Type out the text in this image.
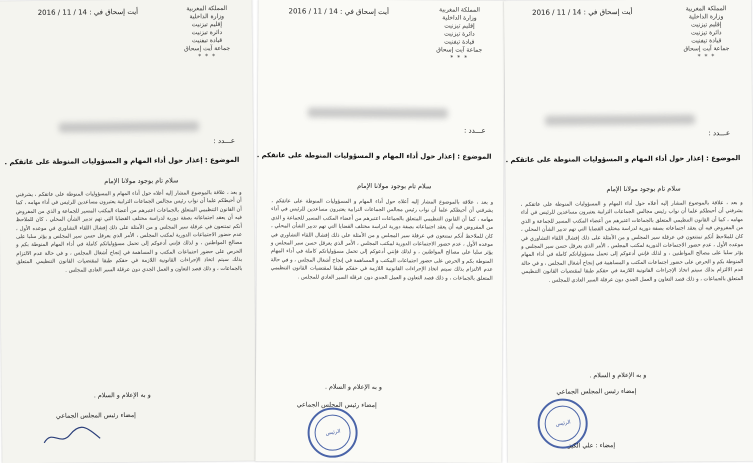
أيت إسحاق في : 14 / 11 / 2016	المملكة المغربية
وزارة الداخلية
إقليم تيزنيت
دائرة تيزنيت
قيادة تيفنيت
جماعة آيت إسحاق
* * *
عـــدد :
الموضوع : إعذار حول أداء المهام و المسؤوليات المنوطة على عاتقكم .
سلام تام بوجود مولانا الإمام
و بعد ، علاقة بالموضوع المشار إليه أعلاه حول أداء المهام و المسؤوليات المنوطة على عاتقكم ، يشرفني أن أحيطكم علما أن نواب رئيس مجالس الجماعات الترابية يعتبرون مساعدين للرئيس في أداء مهامه ، كما أن القانون التنظيمي المتعلق بالجماعات اعتبرهم من أعضاء المكتب المسير للجماعة و الذي من المفروض فيه أن يعقد اجتماعاته بصفة دورية لدراسة مختلف القضايا التي تهم تدبير الشأن المحلي ، كان للملاحظ أنكم تمتنعون في عرقلة سير المجلس و من الأمثلة على ذلك إفشال اللقاء التشاوري في موعده الأول ، عدم حضور الاجتماعات الدورية لمكتب المجلس ، الأمر الذي يعرقل حسن سير المجلس و يؤثر سلبا على مصالح المواطنين ، و لذلك فإنني أدعوكم إلى تحمل مسؤولياتكم كاملة في أداء المهام المنوطة بكم و الحرص على حضور اجتماعات المكتب و المساهمة في إنجاح أشغال المجلس ، و في حالة عدم الالتزام بذلك سيتم اتخاذ الإجراءات القانونية اللازمة في حقكم طبقا لمقتضيات القانون التنظيمي المتعلق بالجماعات ، و ذلك قصد التعاون و العمل الجدي دون عرقلة السير العادي للمجلس .
و به الإعلام و السلام .
إمضاء رئيس المجلس الجماعي
أيت إسحاق في : 14 / 11 / 2016	المملكة المغربية
وزارة الداخلية
إقليم تيزنيت
دائرة تيزنيت
قيادة تيفنيت
جماعة آيت إسحاق
* * *
عـــدد :
الموضوع : إعذار حول أداء المهام و المسؤوليات المنوطة على عاتقكم .
سلام تام بوجود مولانا الإمام
و بعد ، علاقة بالموضوع المشار إليه أعلاه حول أداء المهام و المسؤوليات المنوطة على عاتقكم ، يشرفني أن أحيطكم علما أن نواب رئيس مجالس الجماعات الترابية يعتبرون مساعدين للرئيس في أداء مهامه ، كما أن القانون التنظيمي المتعلق بالجماعات اعتبرهم من أعضاء المكتب المسير للجماعة و الذي من المفروض فيه أن يعقد اجتماعاته بصفة دورية لدراسة مختلف القضايا التي تهم تدبير الشأن المحلي ، كان للملاحظ أنكم تمتنعون في عرقلة سير المجلس و من الأمثلة على ذلك إفشال اللقاء التشاوري في موعده الأول ، عدم حضور الاجتماعات الدورية لمكتب المجلس ، الأمر الذي يعرقل حسن سير المجلس و يؤثر سلبا على مصالح المواطنين ، و لذلك فإنني أدعوكم إلى تحمل مسؤولياتكم كاملة في أداء المهام المنوطة بكم و الحرص على حضور اجتماعات المكتب و المساهمة في إنجاح أشغال المجلس ، و في حالة عدم الالتزام بذلك سيتم اتخاذ الإجراءات القانونية اللازمة في حقكم طبقا لمقتضيات القانون التنظيمي المتعلق بالجماعات ، و ذلك قصد التعاون و العمل الجدي دون عرقلة السير العادي للمجلس .
و به الإعلام و السلام .
إمضاء رئيس المجلس الجماعي
الرئيس
أيت إسحاق في : 14 / 11 / 2016	المملكة المغربية
وزارة الداخلية
إقليم تيزنيت
دائرة تيزنيت
قيادة تيفنيت
جماعة آيت إسحاق
* * *
عـــدد :
الموضوع : إعذار حول أداء المهام و المسؤوليات المنوطة على عاتقكم .
سلام تام بوجود مولانا الإمام
و بعد ، علاقة بالموضوع المشار إليه أعلاه حول أداء المهام و المسؤوليات المنوطة على عاتقكم ، يشرفني أن أحيطكم علما أن نواب رئيس مجالس الجماعات الترابية يعتبرون مساعدين للرئيس في أداء مهامه ، كما أن القانون التنظيمي المتعلق بالجماعات اعتبرهم من أعضاء المكتب المسير للجماعة و الذي من المفروض فيه أن يعقد اجتماعاته بصفة دورية لدراسة مختلف القضايا التي تهم تدبير الشأن المحلي ، كان للملاحظ أنكم تمتنعون في عرقلة سير المجلس و من الأمثلة على ذلك إفشال اللقاء التشاوري في موعده الأول ، عدم حضور الاجتماعات الدورية لمكتب المجلس ، الأمر الذي يعرقل حسن سير المجلس و يؤثر سلبا على مصالح المواطنين ، و لذلك فإنني أدعوكم إلى تحمل مسؤولياتكم كاملة في أداء المهام المنوطة بكم و الحرص على حضور اجتماعات المكتب و المساهمة في إنجاح أشغال المجلس ، و في حالة عدم الالتزام بذلك سيتم اتخاذ الإجراءات القانونية اللازمة في حقكم طبقا لمقتضيات القانون التنظيمي المتعلق بالجماعات ، و ذلك قصد التعاون و العمل الجدي دون عرقلة السير العادي للمجلس .
و به الإعلام و السلام .
إمضاء رئيس المجلس الجماعي
الرئيس
إمضاء : علي الكيز
